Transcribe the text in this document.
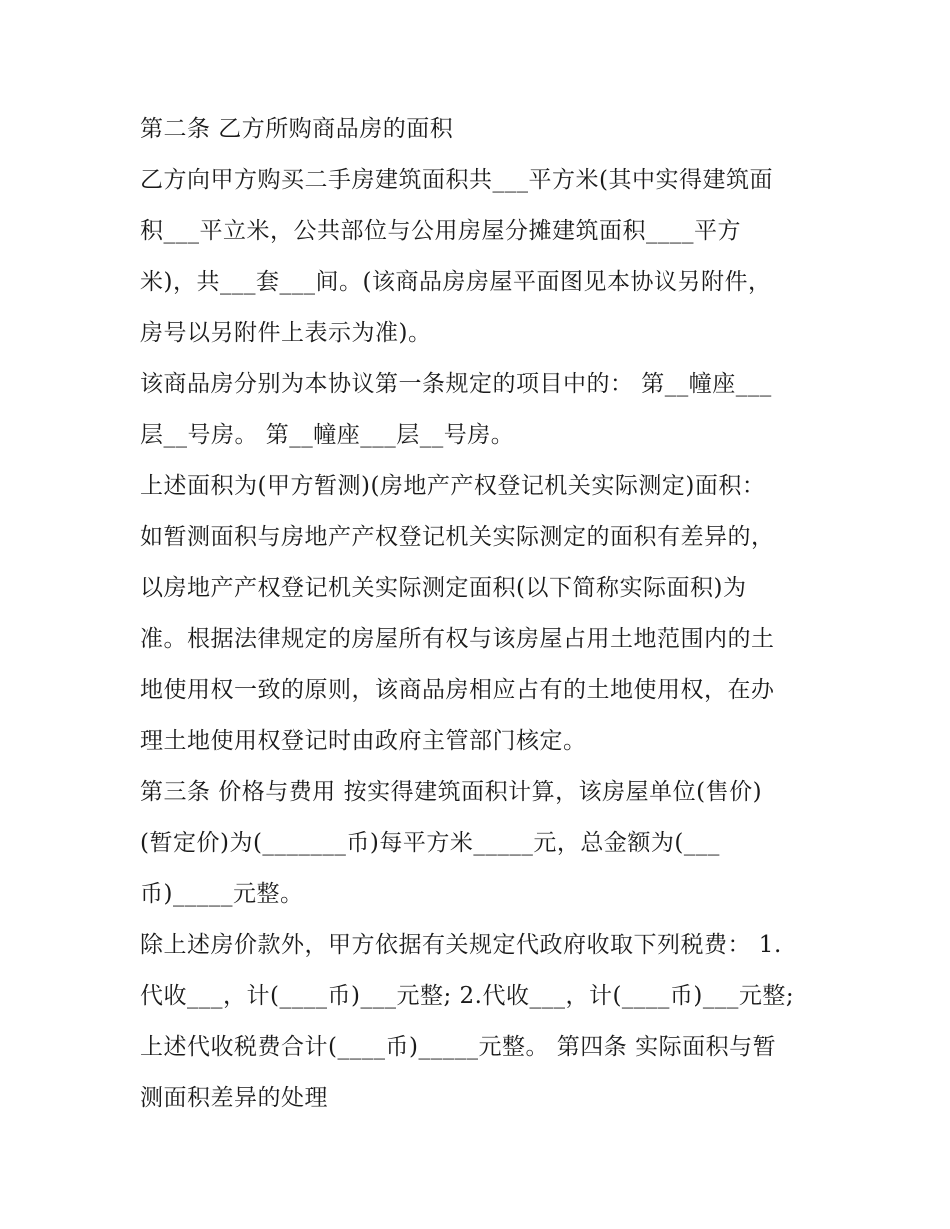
第二条 乙方所购商品房的面积
乙方向甲方购买二手房建筑面积共___平方米(其中实得建筑面
积___平立米，公共部位与公用房屋分摊建筑面积____平方
米)，共___套___间。(该商品房房屋平面图见本协议另附件，
房号以另附件上表示为准)。
该商品房分别为本协议第一条规定的项目中的： 第__幢座___
层__号房。 第__幢座___层__号房。
上述面积为(甲方暂测)(房地产产权登记机关实际测定)面积：
如暂测面积与房地产产权登记机关实际测定的面积有差异的，
以房地产产权登记机关实际测定面积(以下简称实际面积)为
准。根据法律规定的房屋所有权与该房屋占用土地范围内的土
地使用权一致的原则，该商品房相应占有的土地使用权，在办
理土地使用权登记时由政府主管部门核定。
第三条 价格与费用 按实得建筑面积计算，该房屋单位(售价)
(暂定价)为(_______币)每平方米_____元，总金额为(___
币)_____元整。
除上述房价款外，甲方依据有关规定代政府收取下列税费： 1.
代收___，计(____币)___元整; 2.代收___，计(____币)___元整;
上述代收税费合计(____币)_____元整。 第四条 实际面积与暂
测面积差异的处理
